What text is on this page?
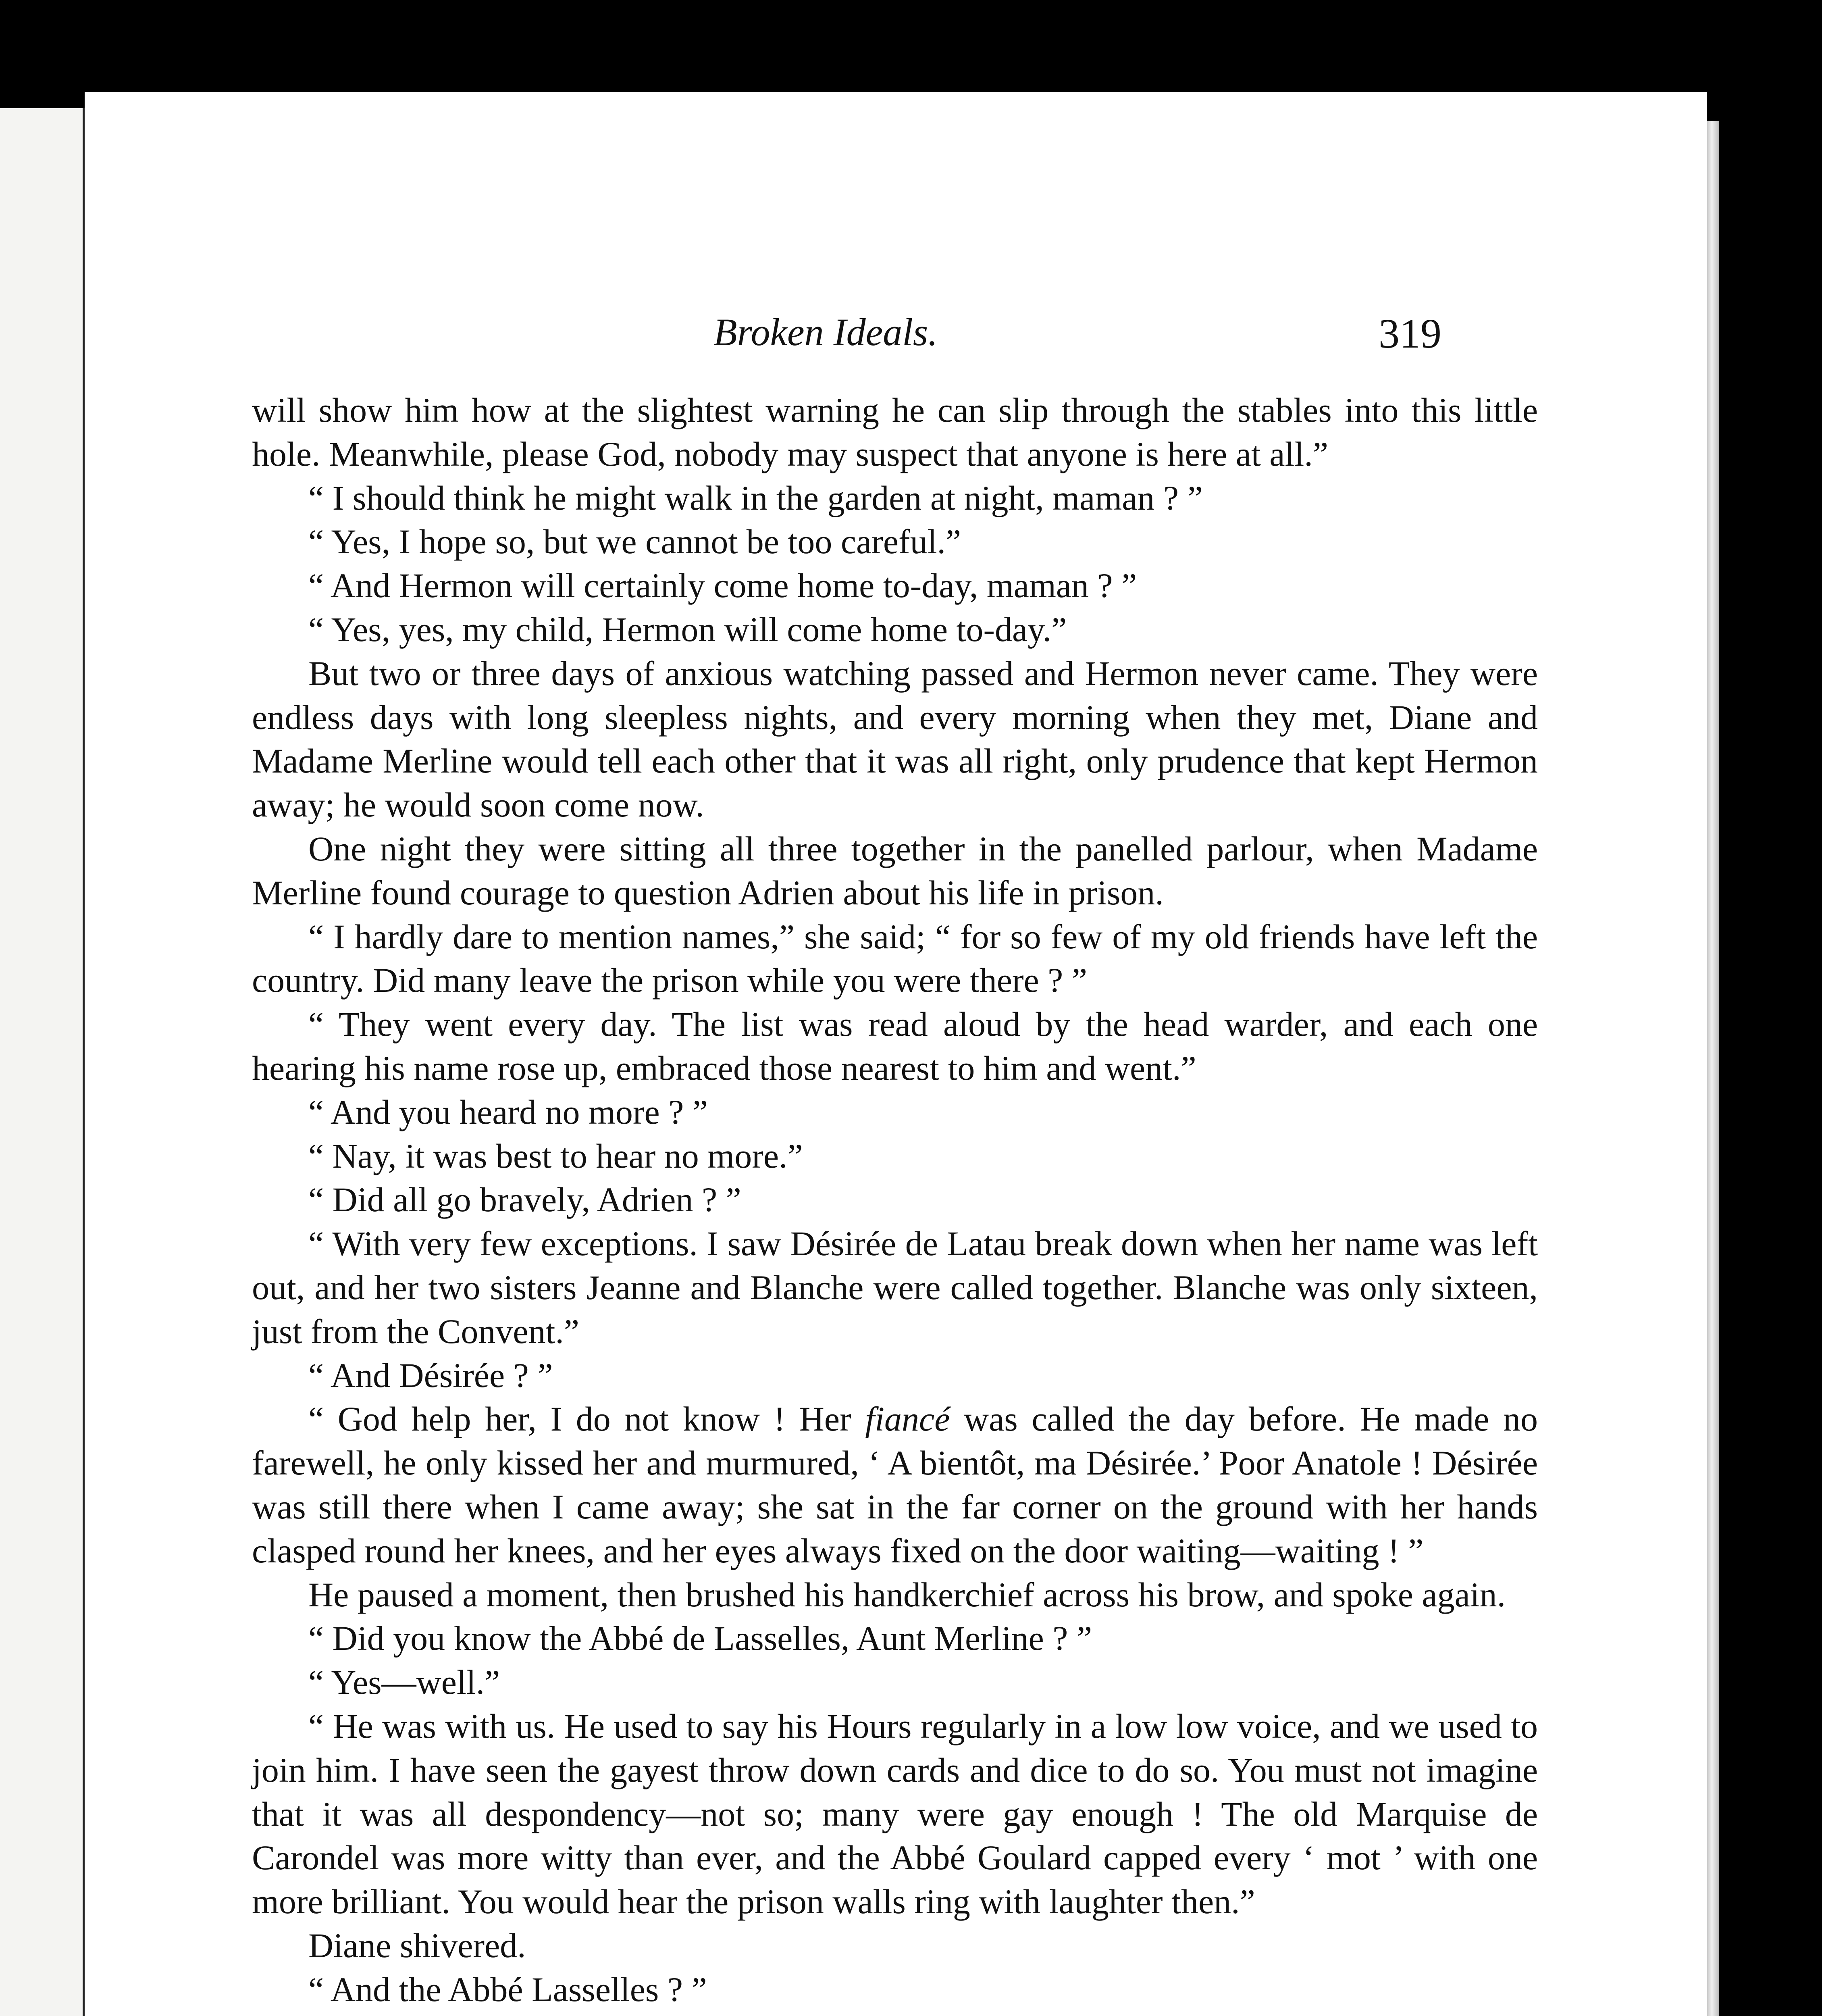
Broken Ideals.	319

will show him how at the slightest warning he can slip through the stables into this little hole. Meanwhile, please God, nobody may suspect that anyone is here at all.”

“ I should think he might walk in the garden at night, maman ? ”

“ Yes, I hope so, but we cannot be too careful.”

“ And Hermon will certainly come home to-day, maman ? ”

“ Yes, yes, my child, Hermon will come home to-day.”

But two or three days of anxious watching passed and Hermon never came. They were endless days with long sleepless nights, and every morning when they met, Diane and Madame Merline would tell each other that it was all right, only prudence that kept Hermon away; he would soon come now.

One night they were sitting all three together in the panelled parlour, when Madame Merline found courage to question Adrien about his life in prison.

“ I hardly dare to mention names,” she said; “ for so few of my old friends have left the country. Did many leave the prison while you were there ? ”

“ They went every day. The list was read aloud by the head warder, and each one hearing his name rose up, embraced those nearest to him and went.”

“ And you heard no more ? ”

“ Nay, it was best to hear no more.”

“ Did all go bravely, Adrien ? ”

“ With very few exceptions. I saw Désirée de Latau break down when her name was left out, and her two sisters Jeanne and Blanche were called together. Blanche was only sixteen, just from the Convent.”

“ And Désirée ? ”

“ God help her, I do not know ! Her fiancé was called the day before. He made no farewell, he only kissed her and murmured, ‘ A bientôt, ma Désirée.’ Poor Anatole ! Désirée was still there when I came away; she sat in the far corner on the ground with her hands clasped round her knees, and her eyes always fixed on the door waiting—waiting ! ”

He paused a moment, then brushed his handkerchief across his brow, and spoke again.

“ Did you know the Abbé de Lasselles, Aunt Merline ? ”

“ Yes—well.”

“ He was with us. He used to say his Hours regularly in a low low voice, and we used to join him. I have seen the gayest throw down cards and dice to do so. You must not imagine that it was all despondency—not so; many were gay enough ! The old Marquise de Carondel was more witty than ever, and the Abbé Goulard capped every ‘ mot ’ with one more brilliant. You would hear the prison walls ring with laughter then.”

Diane shivered.

“ And the Abbé Lasselles ? ”
